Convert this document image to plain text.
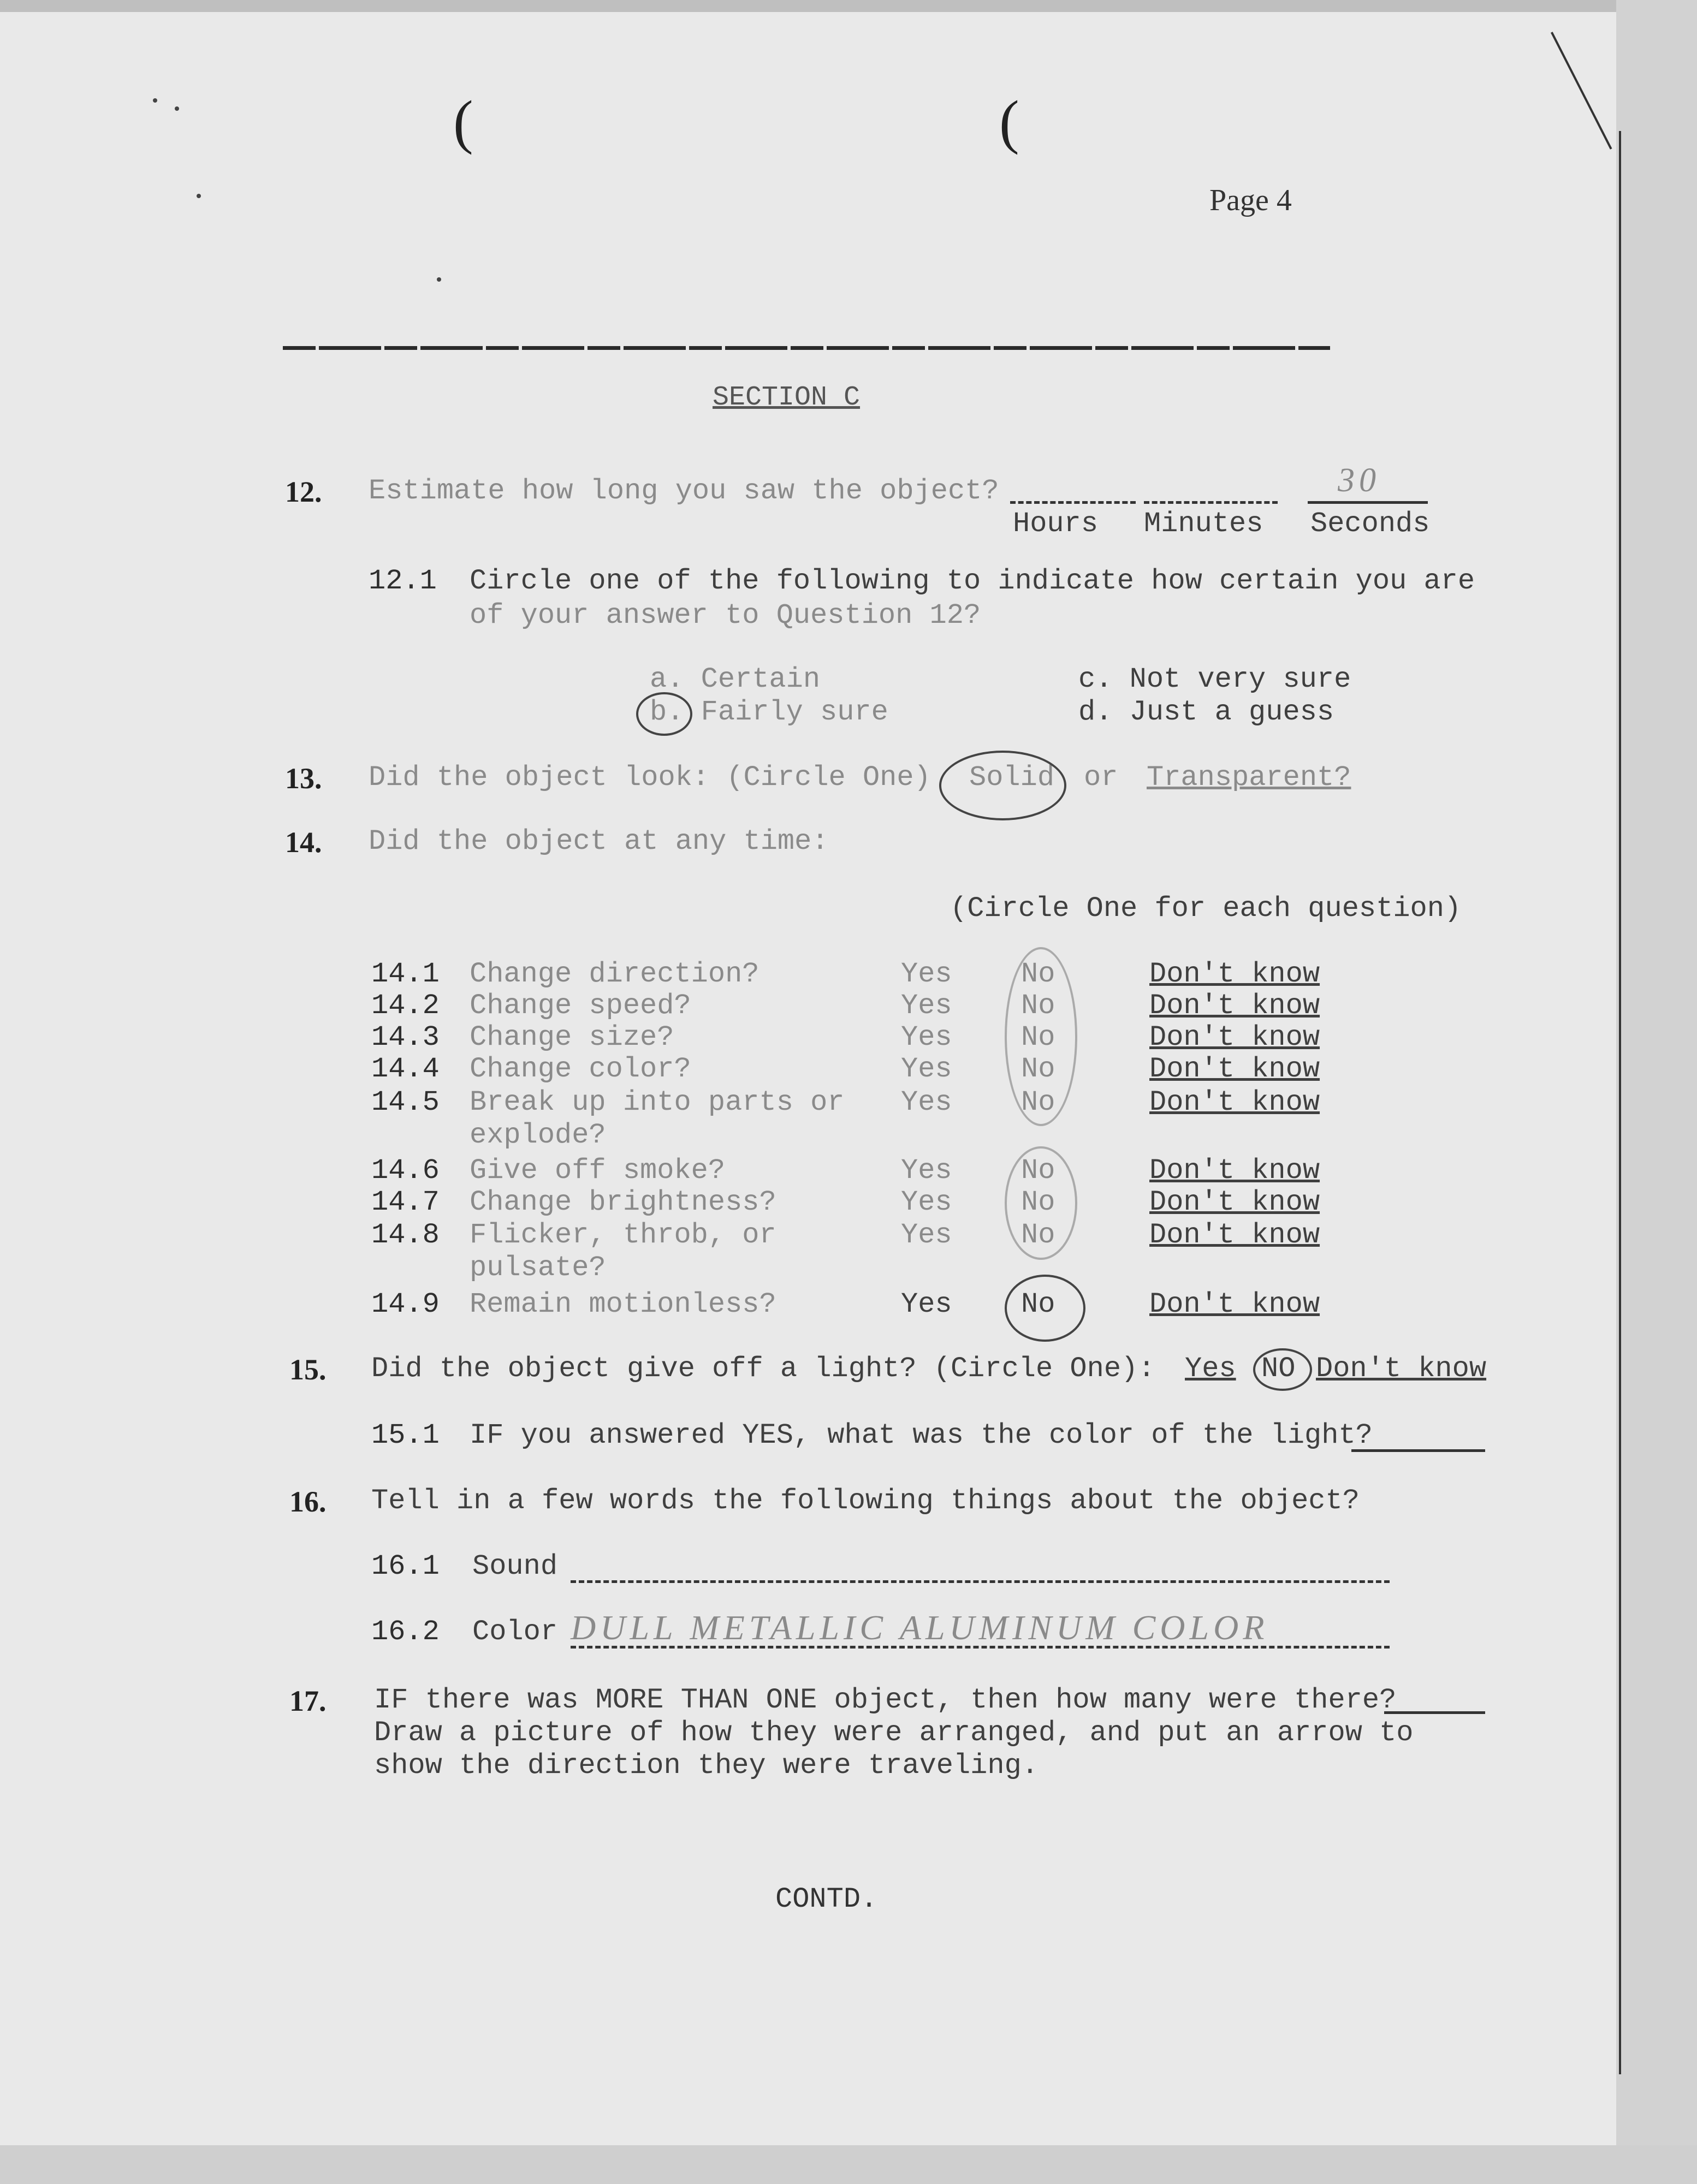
(	(
Page 4
SECTION C
12. Estimate how long you saw the object?	30
Hours Minutes Seconds
12.1 Circle one of the following to indicate how certain you are
of your answer to Question 12?
a. Certain
b. Fairly sure
c. Not very sure
d. Just a guess
13. Did the object look: (Circle One) Solid or Transparent?
14. Did the object at any time:
(Circle One for each question)
14.1 Change direction?	Yes No	Don't know
14.2 Change speed?	Yes No	Don't know
14.3 Change size?	Yes No	Don't know
14.4 Change color?	Yes No	Don't know
14.5 Break up into parts or
explode?
Yes No	Don't know
14.6 Give off smoke?	Yes No	Don't know
14.7 Change brightness?	Yes No	Don't know
14.8 Flicker, throb, or
pulsate?
Yes No	Don't know
14.9 Remain motionless?	Yes No	Don't know
15. Did the object give off a light? (Circle One): Yes NO Don't know
15.1 IF you answered YES, what was the color of the light?
16. Tell in a few words the following things about the object?
16.1 Sound
16.2 Color DULL METALLIC ALUMINUM COLOR
17. IF there was MORE THAN ONE object, then how many were there?
Draw a picture of how they were arranged, and put an arrow to
show the direction they were traveling.
CONTD.
